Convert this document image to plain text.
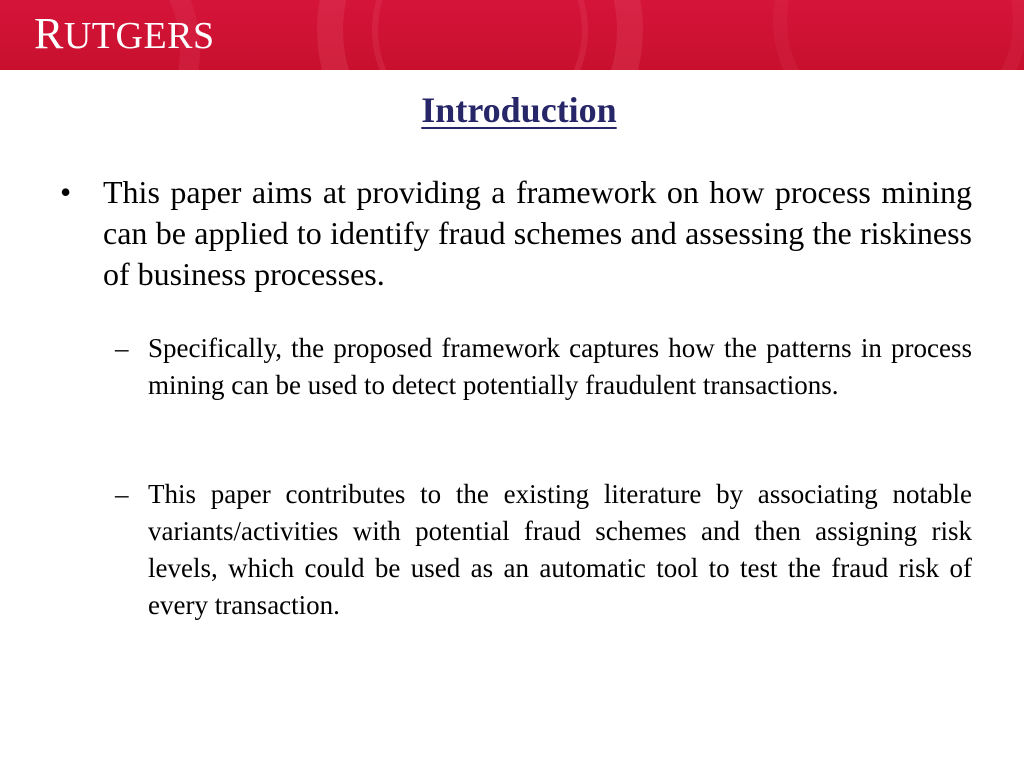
RUTGERS
Introduction
• This paper aims at providing a framework on how process mining can be applied to identify fraud schemes and assessing the riskiness of business processes.
– Specifically, the proposed framework captures how the patterns in process mining can be used to detect potentially fraudulent transactions.
– This paper contributes to the existing literature by associating notable variants/activities with potential fraud schemes and then assigning risk levels, which could be used as an automatic tool to test the fraud risk of every transaction.
